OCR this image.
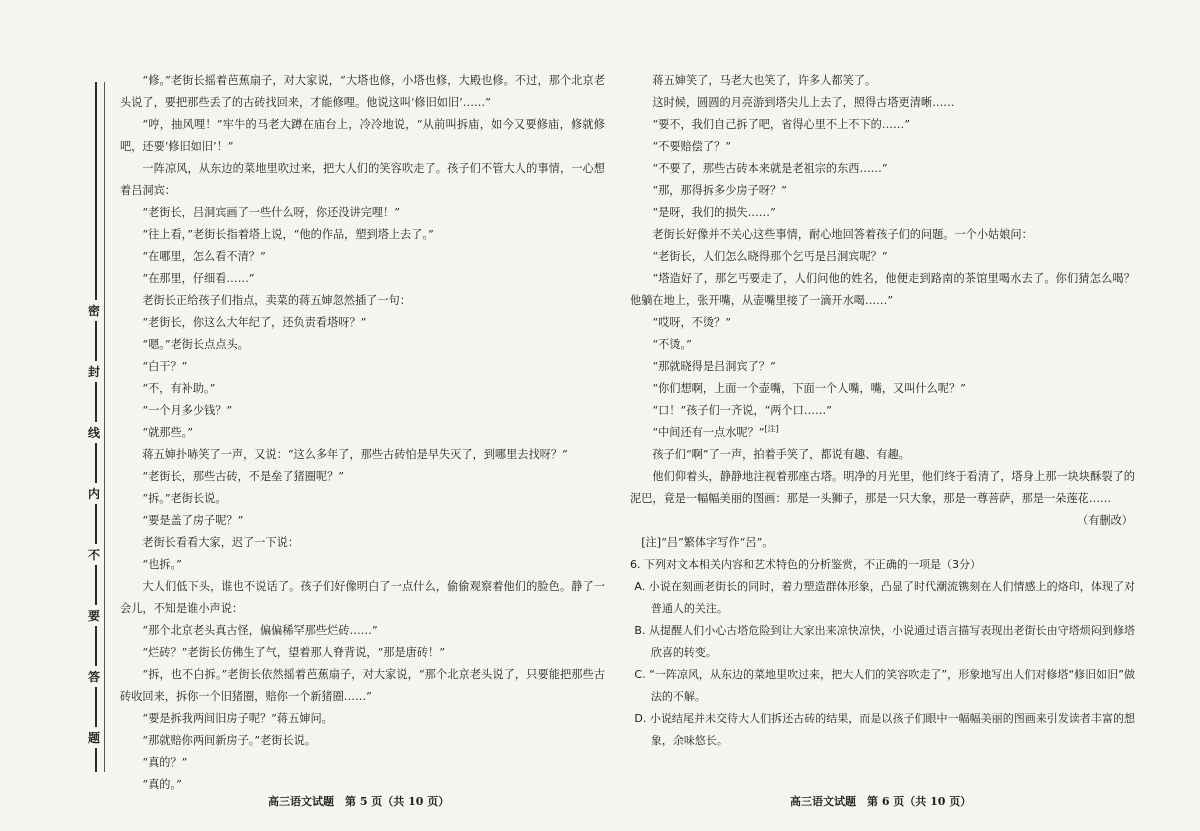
密
封
线
内
不
要
答
题

“修。”老街长摇着芭蕉扇子，对大家说，“大塔也修，小塔也修，大殿也修。不过，那个北京老头说了，要把那些丢了的古砖找回来，才能修哩。他说这叫‘修旧如旧’……”

“哼，抽风哩！”牢牛的马老大蹲在庙台上，冷冷地说，“从前叫拆庙，如今又要修庙，修就修吧，还要‘修旧如旧’！”

一阵凉风，从东边的菜地里吹过来，把大人们的笑容吹走了。孩子们不管大人的事情，一心想着吕洞宾：

“老街长，吕洞宾画了一些什么呀，你还没讲完哩！”

“往上看，”老街长指着塔上说，“他的作品，塑到塔上去了。”

“在哪里，怎么看不清？”

“在那里，仔细看……”

老街长正给孩子们指点，卖菜的蒋五婶忽然插了一句：

“老街长，你这么大年纪了，还负责看塔呀？”

“嗯。”老街长点点头。

“白干？”

“不，有补助。”

“一个月多少钱？”

“就那些。”

蒋五婶扑哧笑了一声，又说：“这么多年了，那些古砖怕是早失灭了，到哪里去找呀？”

“老街长，那些古砖，不是垒了猪圈呢？”

“拆。”老街长说。

“要是盖了房子呢？”

老街长看看大家，迟了一下说：

“也拆。”

大人们低下头，谁也不说话了。孩子们好像明白了一点什么，偷偷观察着他们的脸色。静了一会儿，不知是谁小声说：

“那个北京老头真古怪，偏偏稀罕那些烂砖……”

“烂砖？”老街长仿佛生了气，望着那人脊背说，“那是唐砖！”

“拆，也不白拆。”老街长依然摇着芭蕉扇子，对大家说，“那个北京老头说了，只要能把那些古砖收回来，拆你一个旧猪圈，赔你一个新猪圈……”

“要是拆我两间旧房子呢？”蒋五婶问。

“那就赔你两间新房子。”老街长说。

“真的？”

“真的。”

蒋五婶笑了，马老大也笑了，许多人都笑了。

这时候，圆圆的月亮游到塔尖儿上去了，照得古塔更清晰……

“要不，我们自己拆了吧，省得心里不上不下的……”

“不要赔偿了？”

“不要了，那些古砖本来就是老祖宗的东西……”

“那，那得拆多少房子呀？”

“是呀，我们的损失……”

老街长好像并不关心这些事情，耐心地回答着孩子们的问题。一个小姑娘问：

“老街长，人们怎么晓得那个乞丐是吕洞宾呢？”

“塔造好了，那乞丐要走了，人们问他的姓名，他便走到路南的茶馆里喝水去了。你们猜怎么喝？他躺在地上，张开嘴，从壶嘴里接了一滴开水喝……”

“哎呀，不烫？”

“不烫。”

“那就晓得是吕洞宾了？”

“你们想啊，上面一个壶嘴，下面一个人嘴，嘴，又叫什么呢？”

“口！”孩子们一齐说，“两个口……”

“中间还有一点水呢？”[注]

孩子们“啊”了一声，拍着手笑了，都说有趣、有趣。

他们仰着头，静静地注视着那座古塔。明净的月光里，他们终于看清了，塔身上那一块块酥裂了的泥巴，竟是一幅幅美丽的图画：那是一头狮子，那是一只大象，那是一尊菩萨，那是一朵莲花……

（有删改）

[注]“吕”繁体字写作“呂”。

6. 下列对文本相关内容和艺术特色的分析鉴赏，不正确的一项是（3分）

A. 小说在刻画老街长的同时，着力塑造群体形象，凸显了时代潮流镌刻在人们情感上的烙印，体现了对普通人的关注。

B. 从提醒人们小心古塔危险到让大家出来凉快凉快，小说通过语言描写表现出老街长由守塔烦闷到修塔欣喜的转变。

C. “一阵凉风，从东边的菜地里吹过来，把大人们的笑容吹走了”，形象地写出人们对修塔“修旧如旧”做法的不解。

D. 小说结尾并未交待大人们拆还古砖的结果，而是以孩子们眼中一幅幅美丽的图画来引发读者丰富的想象，余味悠长。

高三语文试题　第 5 页（共 10 页）	高三语文试题　第 6 页（共 10 页）
